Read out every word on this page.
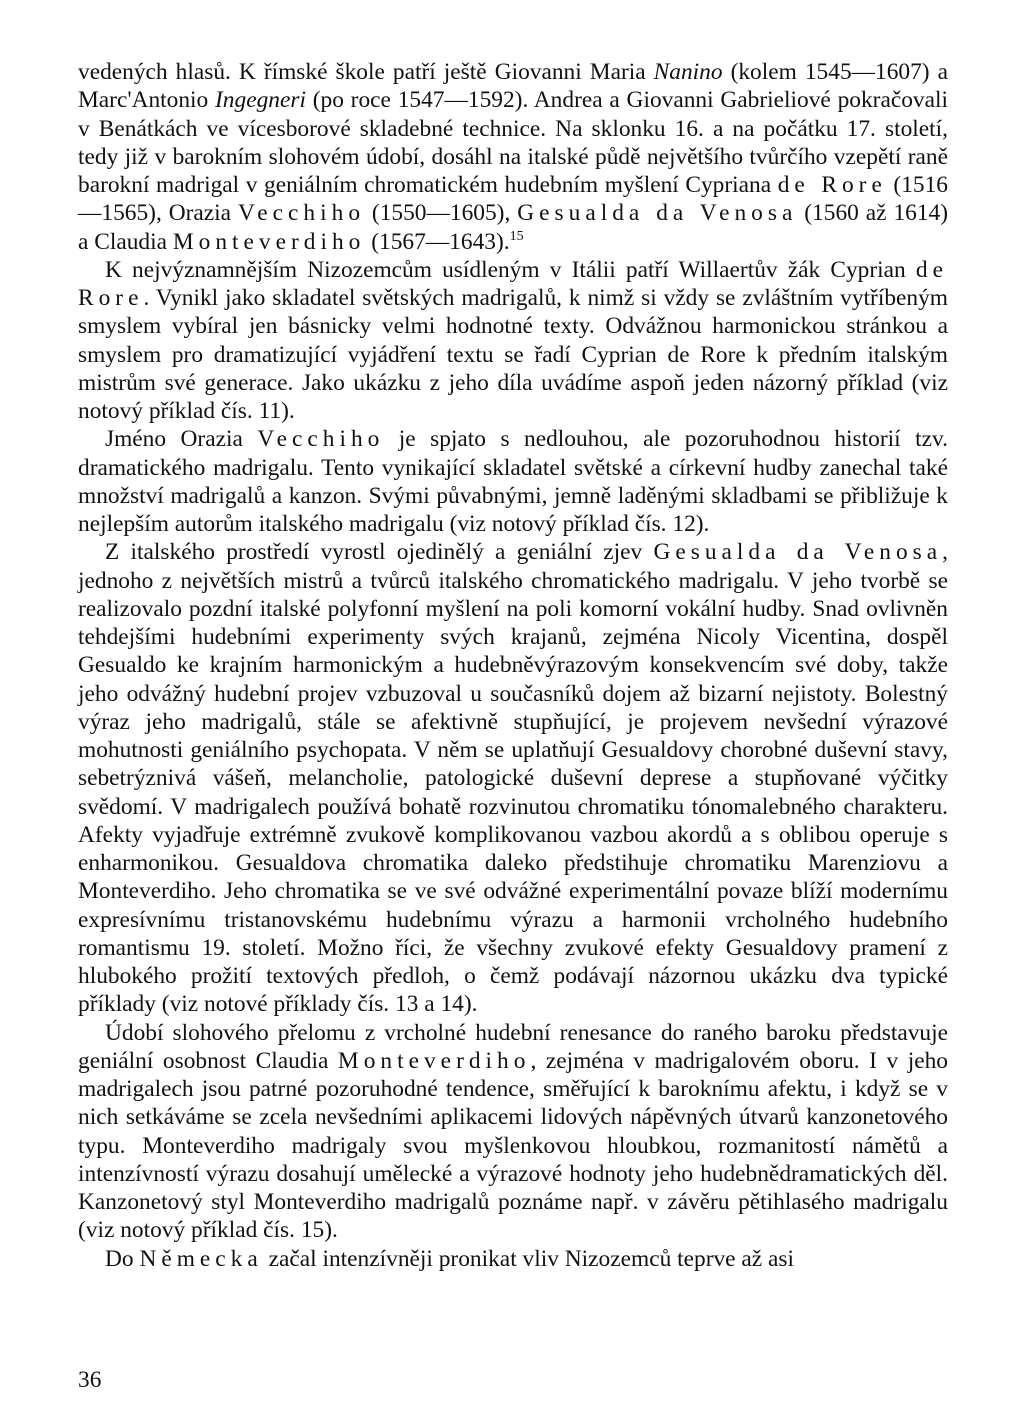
vedených hlasů. K římské škole patří ještě Giovanni Maria Nanino (kolem 1545—1607) a Marc'Antonio Ingegneri (po roce 1547—1592). Andrea a Giovanni Gabrieliové pokračovali v Benátkách ve vícesborové skladebné technice. Na sklonku 16. a na počátku 17. století, tedy již v barokním slohovém údobí, dosáhl na italské půdě největšího tvůrčího vzepětí raně barokní madrigal v geniálním chromatickém hudebním myšlení Cypriana de Rore (1516—1565), Orazia Vecchiho (1550—1605), Gesualda da Venosa (1560 až 1614) a Claudia Monteverdiho (1567—1643).$^{15}$

K nejvýznamnějším Nizozemcům usídleným v Itálii patří Willaertův žák Cyprian de Rore. Vynikl jako skladatel světských madrigalů, k nimž si vždy se zvláštním vytříbeným smyslem vybíral jen básnicky velmi hodnotné texty. Odvážnou harmonickou stránkou a smyslem pro dramatizující vyjádření textu se řadí Cyprian de Rore k předním italským mistrům své generace. Jako ukázku z jeho díla uvádíme aspoň jeden názorný příklad (viz notový příklad čís. 11).

Jméno Orazia Vecchiho je spjato s nedlouhou, ale pozoruhodnou historií tzv. dramatického madrigalu. Tento vynikající skladatel světské a církevní hudby zanechal také množství madrigalů a kanzon. Svými půvabnými, jemně laděnými skladbami se přibližuje k nejlepším autorům italského madrigalu (viz notový příklad čís. 12).

Z italského prostředí vyrostl ojedinělý a geniální zjev Gesualda da Venosa, jednoho z největších mistrů a tvůrců italského chromatického madrigalu. V jeho tvorbě se realizovalo pozdní italské polyfonní myšlení na poli komorní vokální hudby. Snad ovlivněn tehdejšími hudebními experimenty svých krajanů, zejména Nicoly Vicentina, dospěl Gesualdo ke krajním harmonickým a hudebněvýrazovým konsekvencím své doby, takže jeho odvážný hudební projev vzbuzoval u současníků dojem až bizarní nejistoty. Bolestný výraz jeho madrigalů, stále se afektivně stupňující, je projevem nevšední výrazové mohutnosti geniálního psychopata. V něm se uplatňují Gesualdovy chorobné duševní stavy, sebetrýznivá vášeň, melancholie, patologické duševní deprese a stupňované výčitky svědomí. V madrigalech používá bohatě rozvinutou chromatiku tónomalebného charakteru. Afekty vyjadřuje extrémně zvukově komplikovanou vazbou akordů a s oblibou operuje s enharmonikou. Gesualdova chromatika daleko předstihuje chromatiku Marenziovu a Monteverdiho. Jeho chromatika se ve své odvážné experimentální povaze blíží modernímu expresívnímu tristanovskému hudebnímu výrazu a harmonii vrcholného hudebního romantismu 19. století. Možno říci, že všechny zvukové efekty Gesualdovy pramení z hlubokého prožití textových předloh, o čemž podávají názornou ukázku dva typické příklady (viz notové příklady čís. 13 a 14).

Údobí slohového přelomu z vrcholné hudební renesance do raného baroku představuje geniální osobnost Claudia Monteverdiho, zejména v madrigalovém oboru. I v jeho madrigalech jsou patrné pozoruhodné tendence, směřující k baroknímu afektu, i když se v nich setkáváme se zcela nevšedními aplikacemi lidových nápěvných útvarů kanzonetového typu. Monteverdiho madrigaly svou myšlenkovou hloubkou, rozmanitostí námětů a intenzívností výrazu dosahují umělecké a výrazové hodnoty jeho hudebnědramatických děl. Kanzonetový styl Monteverdiho madrigalů poznáme např. v závěru pětihlasého madrigalu (viz notový příklad čís. 15).

Do Německa začal intenzívněji pronikat vliv Nizozemců teprve až asi

36
